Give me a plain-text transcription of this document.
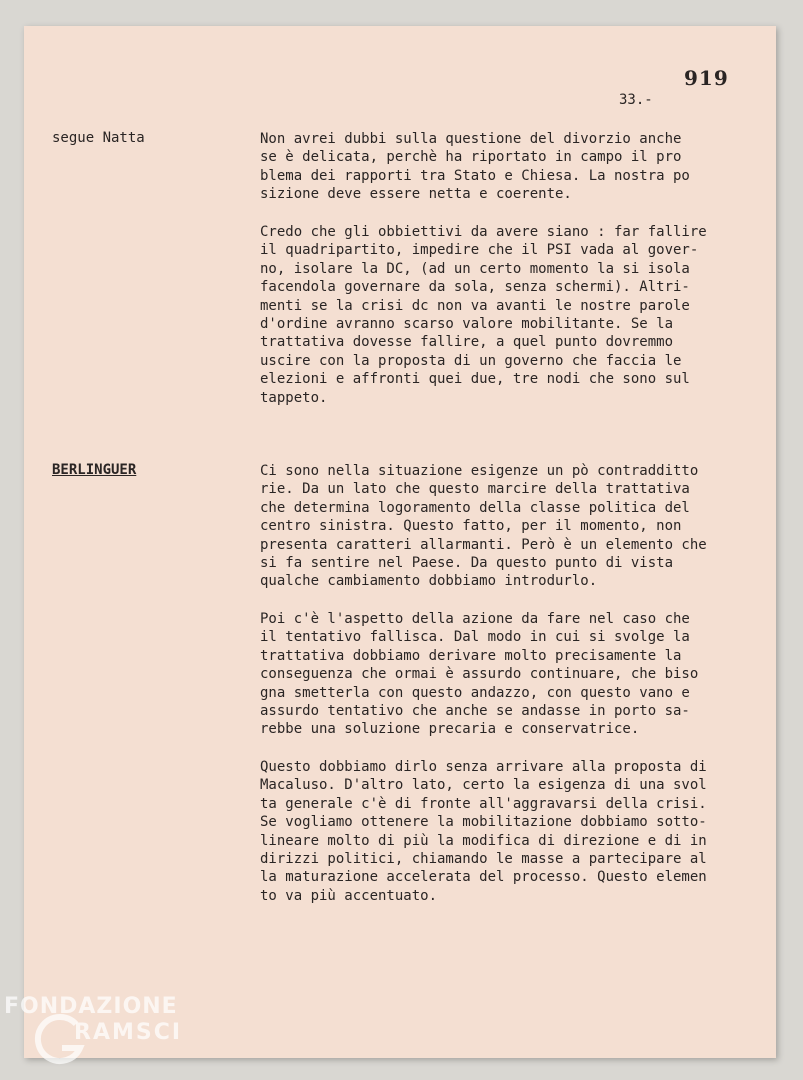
919
33.-
segue Natta	Non avrei dubbi sulla questione del divorzio anche
se è delicata, perchè ha riportato in campo il pro
blema dei rapporti tra Stato e Chiesa. La nostra po
sizione deve essere netta e coerente.
Credo che gli obbiettivi da avere siano : far fallire
il quadripartito, impedire che il PSI vada al gover-
no, isolare la DC, (ad un certo momento la si isola
facendola governare da sola, senza schermi). Altri-
menti se la crisi dc non va avanti le nostre parole
d'ordine avranno scarso valore mobilitante. Se la
trattativa dovesse fallire, a quel punto dovremmo
uscire con la proposta di un governo che faccia le
elezioni e affronti quei due, tre nodi che sono sul
tappeto.
BERLINGUER	Ci sono nella situazione esigenze un pò contradditto
rie. Da un lato che questo marcire della trattativa
che determina logoramento della classe politica del
centro sinistra. Questo fatto, per il momento, non
presenta caratteri allarmanti. Però è un elemento che
si fa sentire nel Paese. Da questo punto di vista
qualche cambiamento dobbiamo introdurlo.
Poi c'è l'aspetto della azione da fare nel caso che
il tentativo fallisca. Dal modo in cui si svolge la
trattativa dobbiamo derivare molto precisamente la
conseguenza che ormai è assurdo continuare, che biso
gna smetterla con questo andazzo, con questo vano e
assurdo tentativo che anche se andasse in porto sa-
rebbe una soluzione precaria e conservatrice.
Questo dobbiamo dirlo senza arrivare alla proposta di
Macaluso. D'altro lato, certo la esigenza di una svol
ta generale c'è di fronte all'aggravarsi della crisi.
Se vogliamo ottenere la mobilitazione dobbiamo sotto-
lineare molto di più la modifica di direzione e di in
dirizzi politici, chiamando le masse a partecipare al
la maturazione accelerata del processo. Questo elemen
to va più accentuato.
FONDAZIONE
RAMSCI
